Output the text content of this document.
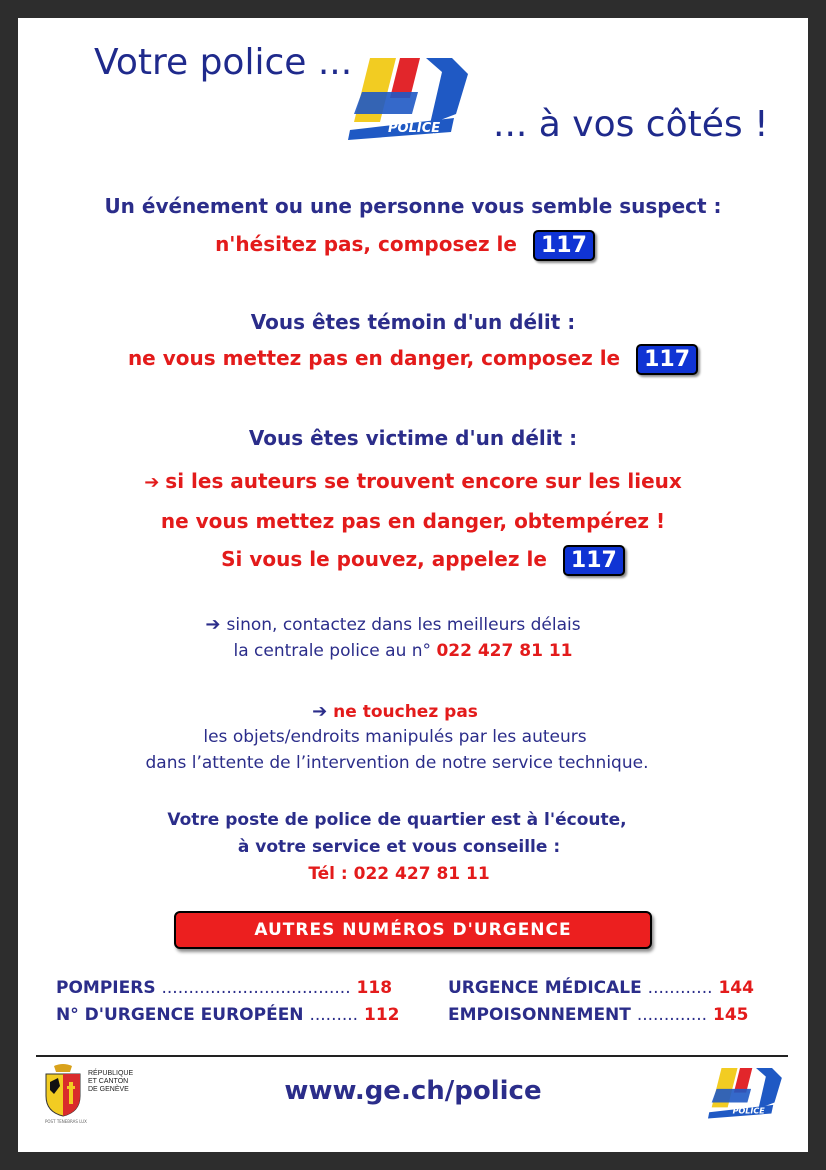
Votre police ...
POLICE
GENÈVE ... à vos côtés !
Un événement ou une personne vous semble suspect :
n'hésitez pas, composez le 117
Vous êtes témoin d'un délit :
ne vous mettez pas en danger, composez le 117
Vous êtes victime d'un délit :
➔ si les auteurs se trouvent encore sur les lieux
ne vous mettez pas en danger, obtempérez !
Si vous le pouvez, appelez le 117
➔ sinon, contactez dans les meilleurs délais
la centrale police au n° 022 427 81 11
➔ ne touchez pas
les objets/endroits manipulés par les auteurs
dans l’attente de l’intervention de notre service technique.
Votre poste de police de quartier est à l'écoute,
à votre service et vous conseille :
Tél : 022 427 81 11
AUTRES NUMÉROS D'URGENCE
POMPIERS ................................... 118
N° D'URGENCE EUROPÉEN ......... 112
URGENCE MÉDICALE ............ 144
EMPOISONNEMENT ............. 145
RÉPUBLIQUE
ET CANTON
DE GENÈVE
POST TENEBRAS LUX
www.ge.ch/police
POLICE
GENÈVE
